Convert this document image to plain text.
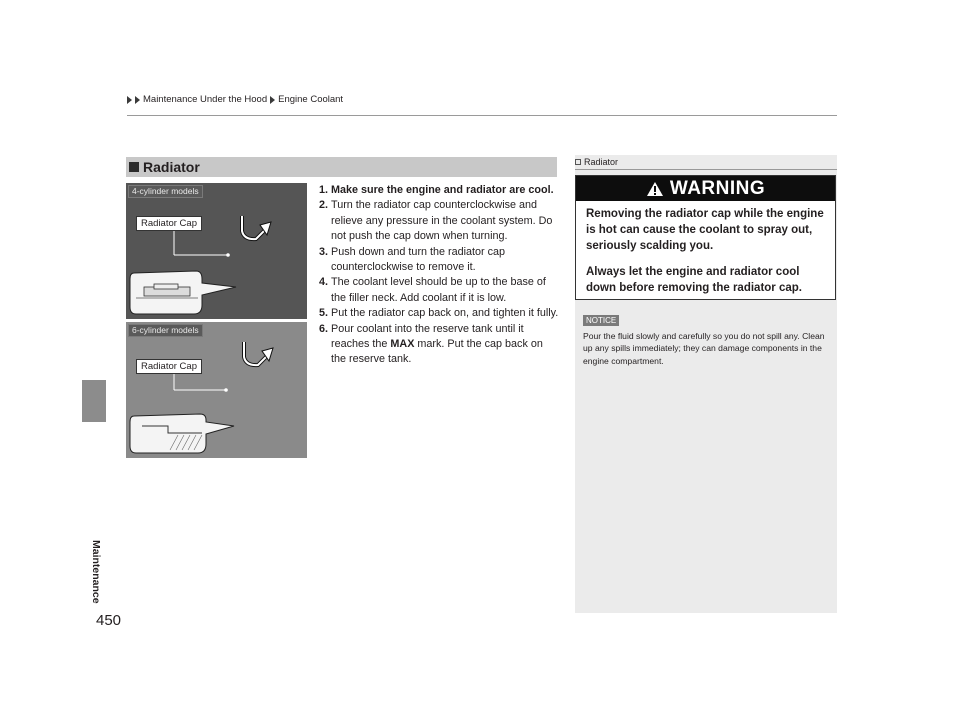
Maintenance Under the Hood Engine Coolant
Maintenance
450
Radiator
4-cylinder models
Radiator Cap
6-cylinder models
Radiator Cap
1. Make sure the engine and radiator are cool.
2. Turn the radiator cap counterclockwise and relieve any pressure in the coolant system. Do not push the cap down when turning.
3. Push down and turn the radiator cap counterclockwise to remove it.
4. The coolant level should be up to the base of the filler neck. Add coolant if it is low.
5. Put the radiator cap back on, and tighten it fully.
6. Pour coolant into the reserve tank until it reaches the MAX mark. Put the cap back on the reserve tank.
Radiator
WARNING

Removing the radiator cap while the engine is hot can cause the coolant to spray out, seriously scalding you.

Always let the engine and radiator cool down before removing the radiator cap.

NOTICE
Pour the fluid slowly and carefully so you do not spill any. Clean up any spills immediately; they can damage components in the engine compartment.
